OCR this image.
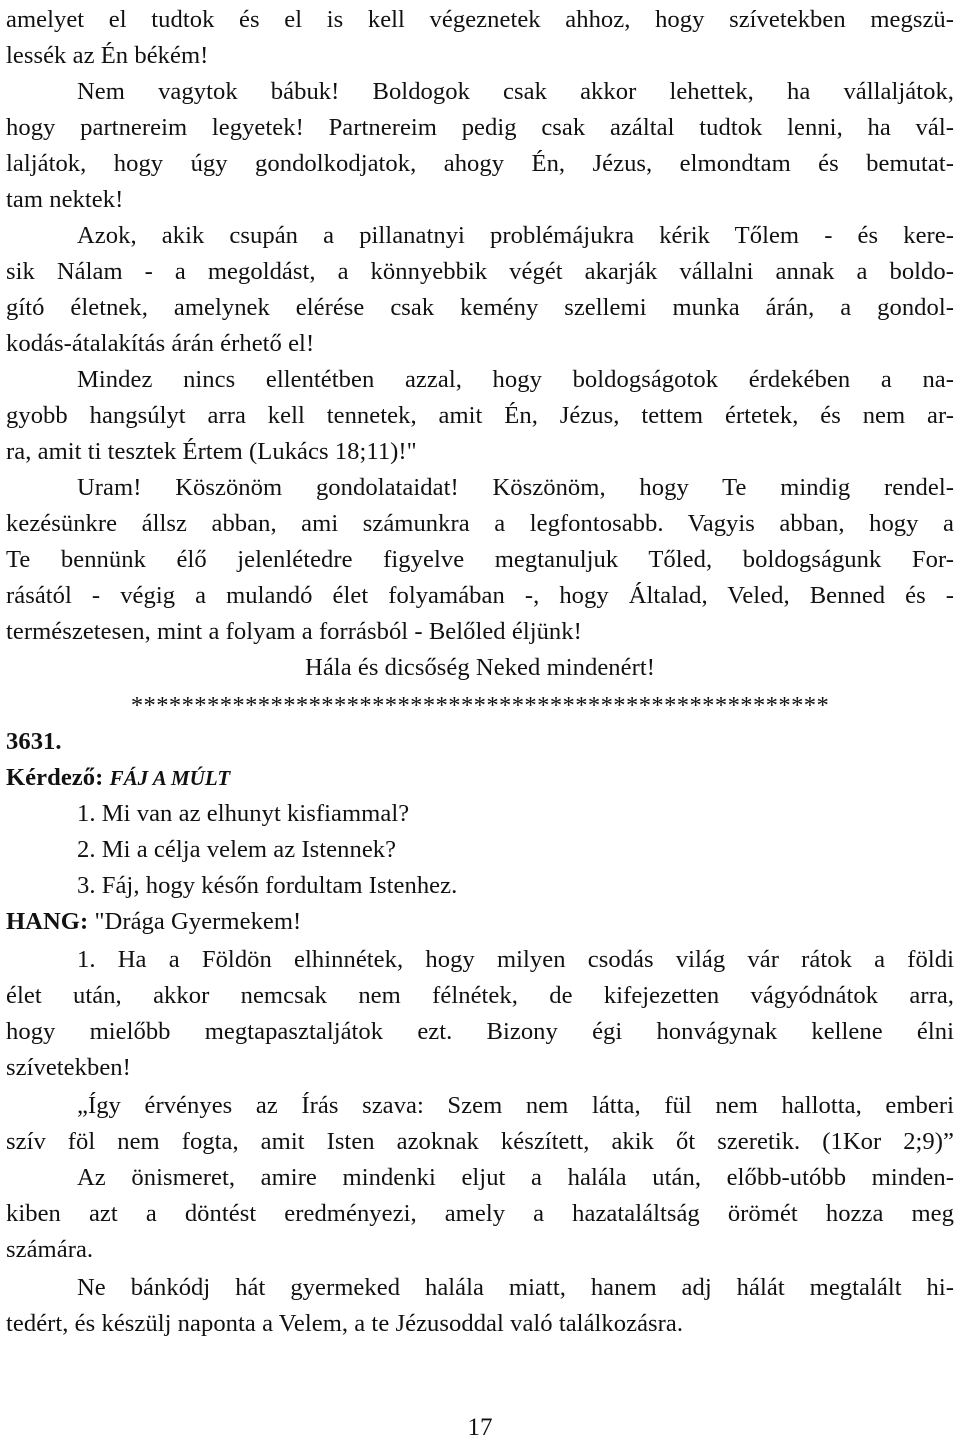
amelyet el tudtok és el is kell végeznetek ahhoz, hogy szívetekben megszü-
lessék az Én békém!
Nem vagytok bábuk! Boldogok csak akkor lehettek, ha vállaljátok,
hogy partnereim legyetek! Partnereim pedig csak azáltal tudtok lenni, ha vál-
laljátok, hogy úgy gondolkodjatok, ahogy Én, Jézus, elmondtam és bemutat-
tam nektek!
Azok, akik csupán a pillanatnyi problémájukra kérik Tőlem - és kere-
sik Nálam - a megoldást, a könnyebbik végét akarják vállalni annak a boldo-
gító életnek, amelynek elérése csak kemény szellemi munka árán, a gondol-
kodás-átalakítás árán érhető el!
Mindez nincs ellentétben azzal, hogy boldogságotok érdekében a na-
gyobb hangsúlyt arra kell tennetek, amit Én, Jézus, tettem értetek, és nem ar-
ra, amit ti tesztek Értem (Lukács 18;11)!"
Uram! Köszönöm gondolataidat! Köszönöm, hogy Te mindig rendel-
kezésünkre állsz abban, ami számunkra a legfontosabb. Vagyis abban, hogy a
Te bennünk élő jelenlétedre figyelve megtanuljuk Tőled, boldogságunk For-
rásától - végig a mulandó élet folyamában -, hogy Általad, Veled, Benned és -
természetesen, mint a folyam a forrásból - Belőled éljünk!
Hála és dicsőség Neked mindenért!
*******************************************************
3631.
Kérdező: FÁJ A MÚLT
1. Mi van az elhunyt kisfiammal?
2. Mi a célja velem az Istennek?
3. Fáj, hogy későn fordultam Istenhez.
HANG: "Drága Gyermekem!
1. Ha a Földön elhinnétek, hogy milyen csodás világ vár rátok a földi
élet után, akkor nemcsak nem félnétek, de kifejezetten vágyódnátok arra,
hogy mielőbb megtapasztaljátok ezt. Bizony égi honvágynak kellene élni
szívetekben!
„Így érvényes az Írás szava: Szem nem látta, fül nem hallotta, emberi
szív föl nem fogta, amit Isten azoknak készített, akik őt szeretik. (1Kor 2;9)”
Az önismeret, amire mindenki eljut a halála után, előbb-utóbb minden-
kiben azt a döntést eredményezi, amely a hazataláltság örömét hozza meg
számára.
Ne bánkódj hát gyermeked halála miatt, hanem adj hálát megtalált hi-
tedért, és készülj naponta a Velem, a te Jézusoddal való találkozásra.
17
